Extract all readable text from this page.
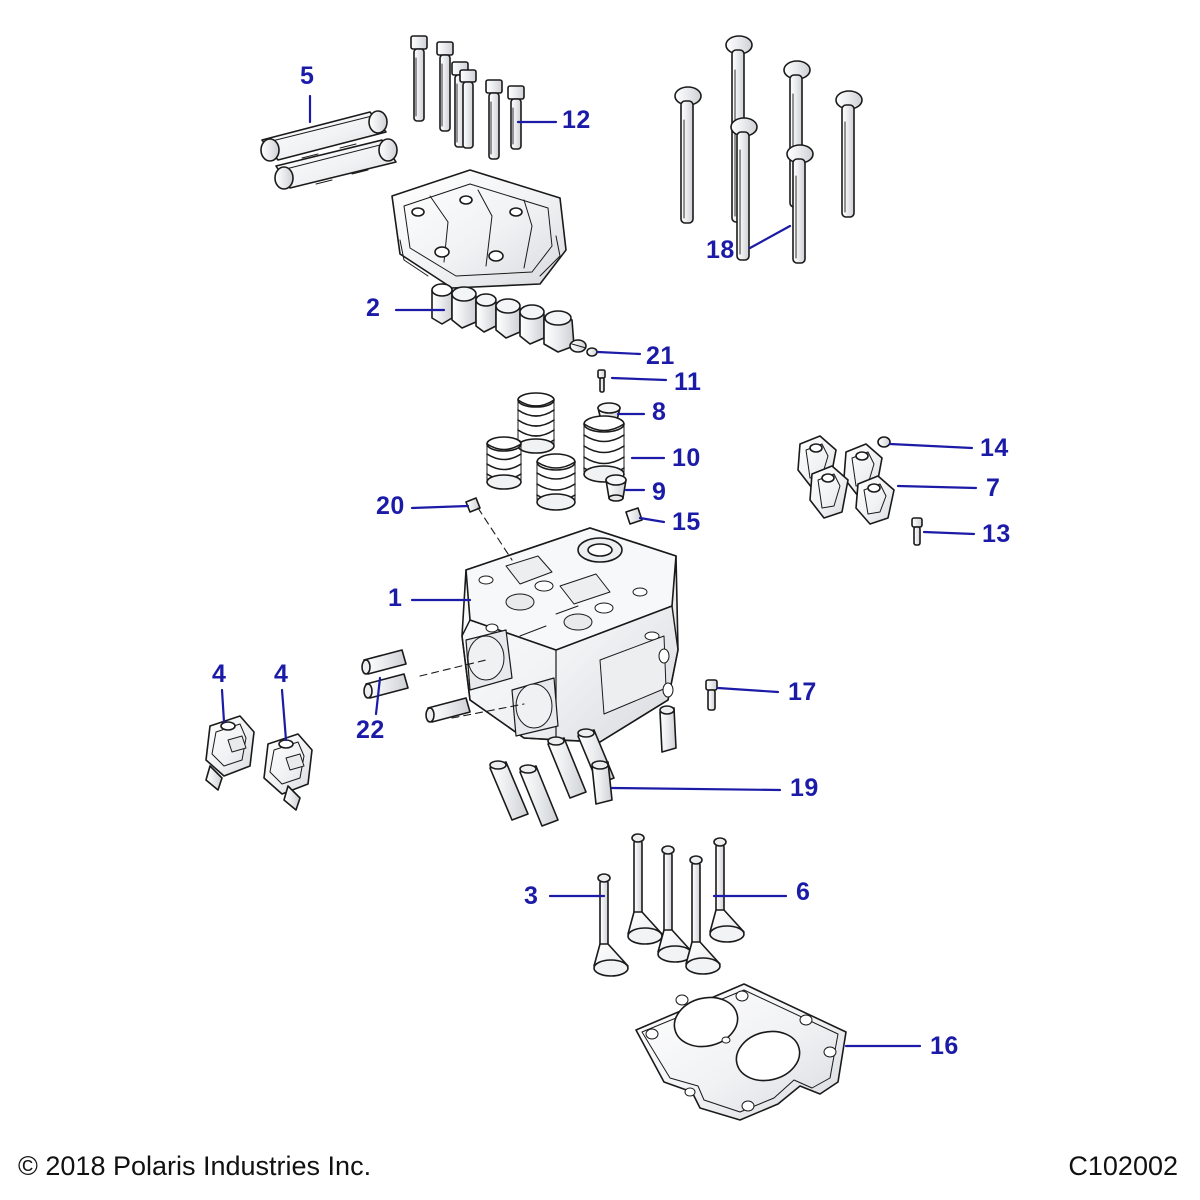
5
12
18
2
21
11
8
10
9
14
7
13
20
15
1
4 4
22
17
19
3	6
16
© 2018 Polaris Industries Inc.	C102002
